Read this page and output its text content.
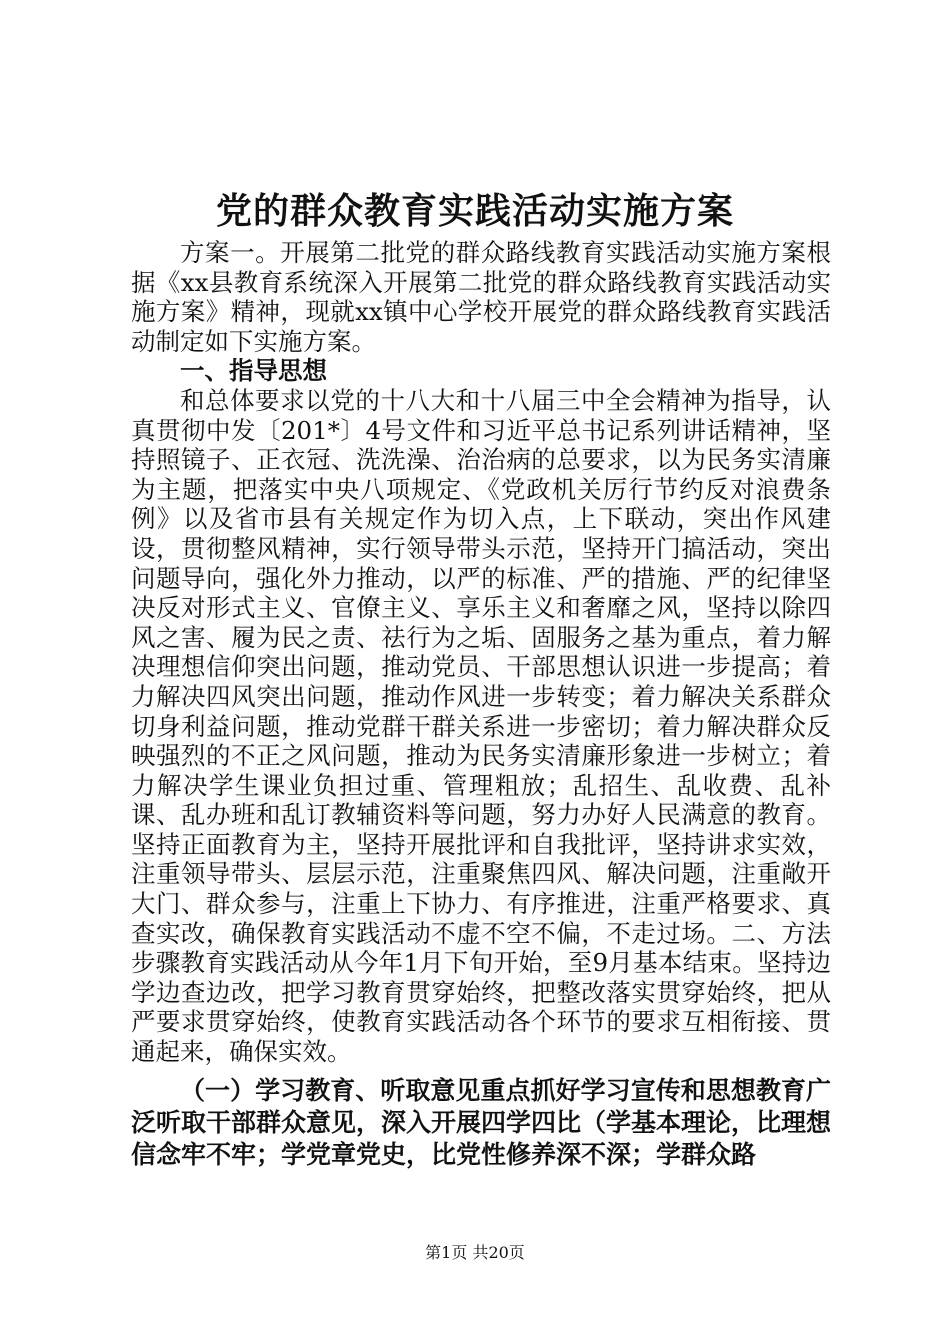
党的群众教育实践活动实施方案

方案一。开展第二批党的群众路线教育实践活动实施方案根据《xx县教育系统深入开展第二批党的群众路线教育实践活动实施方案》精神，现就xx镇中心学校开展党的群众路线教育实践活动制定如下实施方案。

一、指导思想

和总体要求以党的十八大和十八届三中全会精神为指导，认真贯彻中发〔201*〕4号文件和习近平总书记系列讲话精神，坚持照镜子、正衣冠、洗洗澡、治治病的总要求，以为民务实清廉为主题，把落实中央八项规定、《党政机关厉行节约反对浪费条例》以及省市县有关规定作为切入点，上下联动，突出作风建设，贯彻整风精神，实行领导带头示范，坚持开门搞活动，突出问题导向，强化外力推动，以严的标准、严的措施、严的纪律坚决反对形式主义、官僚主义、享乐主义和奢靡之风，坚持以除四风之害、履为民之责、祛行为之垢、固服务之基为重点，着力解决理想信仰突出问题，推动党员、干部思想认识进一步提高；着力解决四风突出问题，推动作风进一步转变；着力解决关系群众切身利益问题，推动党群干群关系进一步密切；着力解决群众反映强烈的不正之风问题，推动为民务实清廉形象进一步树立；着力解决学生课业负担过重、管理粗放；乱招生、乱收费、乱补课、乱办班和乱订教辅资料等问题，努力办好人民满意的教育。坚持正面教育为主，坚持开展批评和自我批评，坚持讲求实效，注重领导带头、层层示范，注重聚焦四风、解决问题，注重敞开大门、群众参与，注重上下协力、有序推进，注重严格要求、真查实改，确保教育实践活动不虚不空不偏，不走过场。二、方法步骤教育实践活动从今年1月下旬开始，至9月基本结束。坚持边学边查边改，把学习教育贯穿始终，把整改落实贯穿始终，把从严要求贯穿始终，使教育实践活动各个环节的要求互相衔接、贯通起来，确保实效。

（一）学习教育、听取意见重点抓好学习宣传和思想教育广泛听取干部群众意见，深入开展四学四比（学基本理论，比理想信念牢不牢；学党章党史，比党性修养深不深；学群众路

第1页 共20页
